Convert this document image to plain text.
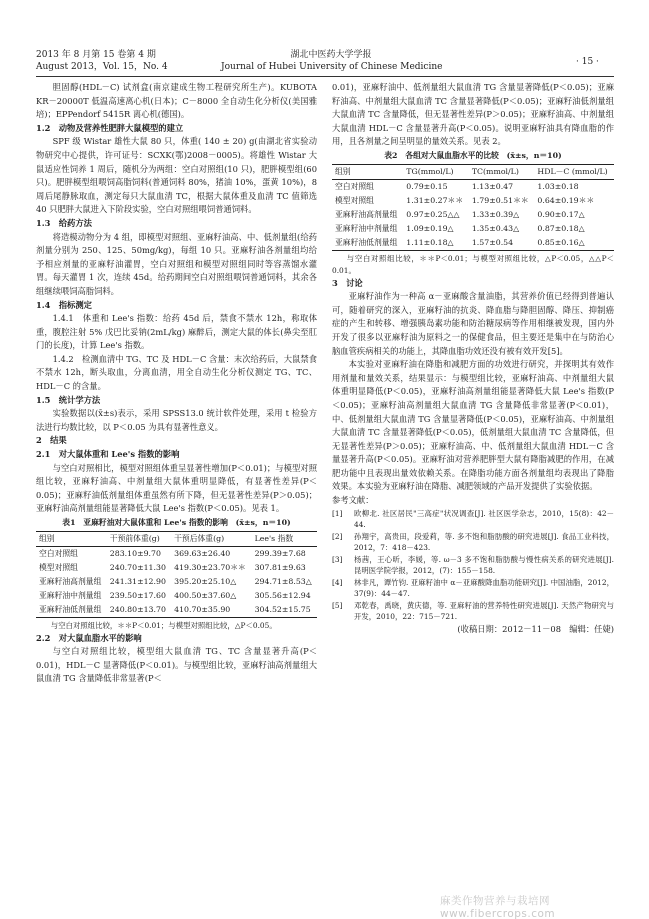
2013 年 8 月第 15 卷第 4 期
August 2013，Vol. 15，No. 4
湖北中医药大学学报
Journal of Hubei University of Chinese Medicine	· 15 ·

胆固醇(HDL－C) 试剂盒(南京建成生物工程研究所生产)。KUBOTA KR－20000T 低温高速离心机(日本)；C－8000 全自动生化分析仪(美国雅培)；EPPendorf 5415R 离心机(德国)。

1.2　动物及营养性肥胖大鼠模型的建立

SPF 级 Wistar 雄性大鼠 80 只，体重( 140 ± 20) g(由湖北省实验动物研究中心提供，许可证号：SCXK(鄂)2008－0005)。将雄性 Wistar 大鼠适应性饲养 1 周后，随机分为两组：空白对照组(10 只)，肥胖模型组(60 只)。肥胖模型组喂饲高脂饲料(普通饲料 80%，猪油 10%，蛋黄 10%)，8 周后尾静脉取血，测定每只大鼠血清 TC，根据大鼠体重及血清 TC 值筛选 40 只肥胖大鼠进入下阶段实验，空白对照组喂饲普通饲料。

1.3　给药方法

将造模动物分为 4 组，即模型对照组、亚麻籽油高、中、低剂量组(给药剂量分别为 250、125、50mg/kg)，每组 10 只。亚麻籽油各剂量组均给予相应剂量的亚麻籽油灌胃，空白对照组和模型对照组同时等容蒸馏水灌胃。每天灌胃 1 次，连续 45d。给药期间空白对照组喂饲普通饲料，其余各组继续喂饲高脂饲料。

1.4　指标测定

1.4.1　体重和 Lee's 指数：给药 45d 后，禁食不禁水 12h，称取体重，腹腔注射 5% 戊巴比妥钠(2mL/kg) 麻醉后，测定大鼠的体长(鼻尖至肛门的长度)，计算 Lee's 指数。

1.4.2　检测血清中 TG、TC 及 HDL－C 含量：末次给药后，大鼠禁食不禁水 12h，断头取血，分离血清，用全自动生化分析仪测定 TG、TC、HDL－C 的含量。

1.5　统计学方法

实验数据以(x̄±s)表示，采用 SPSS13.0 统计软件处理，采用 t 检验方法进行均数比较，以 P＜0.05 为具有显著性意义。

2　结果

2.1　对大鼠体重和 Lee's 指数的影响

与空白对照相比，模型对照组体重呈显著性增加(P＜0.01)；与模型对照组比较，亚麻籽油高、中剂量组大鼠体重明显降低，有显著性差异(P＜0.05)；亚麻籽油低剂量组体重虽然有所下降，但无显著性差异(P＞0.05)；亚麻籽油高剂量组能显著降低大鼠 Lee's 指数(P＜0.05)。见表 1。

表1　亚麻籽油对大鼠体重和 Lee's 指数的影响　(x̄±s，n＝10)

组别	干预前体重(g)	干预后体重(g)	Lee's 指数
空白对照组	283.10±9.70	369.63±26.40	299.39±7.68
模型对照组	240.70±11.30	419.30±23.70＊＊	307.81±9.63
亚麻籽油高剂量组	241.31±12.90	395.20±25.10△	294.71±8.53△
亚麻籽油中剂量组	239.50±17.60	400.50±37.60△	305.56±12.94
亚麻籽油低剂量组	240.80±13.70	410.70±35.90	304.52±15.75

与空白对照组比较，＊＊P＜0.01；与模型对照组比较，△P＜0.05。

2.2　对大鼠血脂水平的影响

与空白对照组比较，模型组大鼠血清 TG、TC 含量显著升高(P＜0.01)，HDL－C 显著降低(P＜0.01)。与模型组比较，亚麻籽油高剂量组大鼠血清 TG 含量降低非常显著(P＜

0.01)，亚麻籽油中、低剂量组大鼠血清 TG 含量显著降低(P＜0.05)；亚麻籽油高、中剂量组大鼠血清 TC 含量显著降低(P＜0.05)；亚麻籽油低剂量组大鼠血清 TC 含量降低，但无显著性差异(P＞0.05)；亚麻籽油高、中剂量组大鼠血清 HDL－C 含量显著升高(P＜0.05)。说明亚麻籽油具有降血脂的作用，且各剂量之间呈明显的量效关系。见表 2。

表2　各组对大鼠血脂水平的比较　(x̄±s，n＝10)

组别	TG(mmol/L)	TC(mmol/L)	HDL－C (mmol/L)
空白对照组	0.79±0.15	1.13±0.47	1.03±0.18
模型对照组	1.31±0.27＊＊	1.79±0.51＊＊	0.64±0.19＊＊
亚麻籽油高剂量组	0.97±0.25△△	1.33±0.39△	0.90±0.17△
亚麻籽油中剂量组	1.09±0.19△	1.35±0.43△	0.87±0.18△
亚麻籽油低剂量组	1.11±0.18△	1.57±0.54	0.85±0.16△

与空白对照组比较，＊＊P＜0.01；与模型对照组比较，△P＜0.05，△△P＜0.01。

3　讨论

亚麻籽油作为一种高 α－亚麻酸含量油脂，其营养价值已经得到普遍认可，随着研究的深入，亚麻籽油的抗炎、降血脂与降胆固醇、降压、抑制癌症的产生和转移、增强胰岛素功能和防治糖尿病等作用相继被发现，国内外开发了很多以亚麻籽油为原料之一的保健食品，但主要还是集中在与防治心脑血管疾病相关的功能上，其降血脂功效还没有被有效开发[5]。

本实验对亚麻籽油在降脂和减肥方面的功效进行研究，并探明其有效作用剂量和量效关系，结果显示：与模型组比较，亚麻籽油高、中剂量组大鼠体重明显降低(P＜0.05)，亚麻籽油高剂量组能显著降低大鼠 Lee's 指数(P＜0.05)；亚麻籽油高剂量组大鼠血清 TG 含量降低非常显著(P＜0.01)，中、低剂量组大鼠血清 TG 含量显著降低(P＜0.05)，亚麻籽油高、中剂量组大鼠血清 TC 含量显著降低(P＜0.05)，低剂量组大鼠血清 TC 含量降低，但无显著性差异(P＞0.05)；亚麻籽油高、中、低剂量组大鼠血清 HDL－C 含量显著升高(P＜0.05)。亚麻籽油对营养肥胖型大鼠有降脂减肥的作用，在减肥功能中且表现出量效依赖关系。在降脂功能方面各剂量组均表现出了降脂效果。本实验为亚麻籽油在降脂、减肥领域的产品开发提供了实验依据。

参考文献：

[1]	欧柳北. 社区居民"三高症"状况调查[J]. 社区医学杂志，2010，15(8)：42－44.
[2]	孙翔宇，高贵田，段爱莉，等. 多不饱和脂肪酸的研究进展[J]. 食品工业科技，2012，7：418－423.
[3]	杨茜，王心昕，李媛，等. ω－3 多不饱和脂肪酸与慢性病关系的研究进展[J]. 昆明医学院学报，2012，(7)：155－158.
[4]	林非凡，谭竹钧. 亚麻籽油中 α－亚麻酸降血脂功能研究[J]. 中国油脂，2012，37(9)：44－47.
[5]	邓乾春，禹晓，黄庆德，等. 亚麻籽油的营养特性研究进展[J]. 天然产物研究与开发，2010，22：715－721.

(收稿日期：2012－11－08　编辑：任婕)

麻类作物营养与栽培网　www.fibercrops.com
